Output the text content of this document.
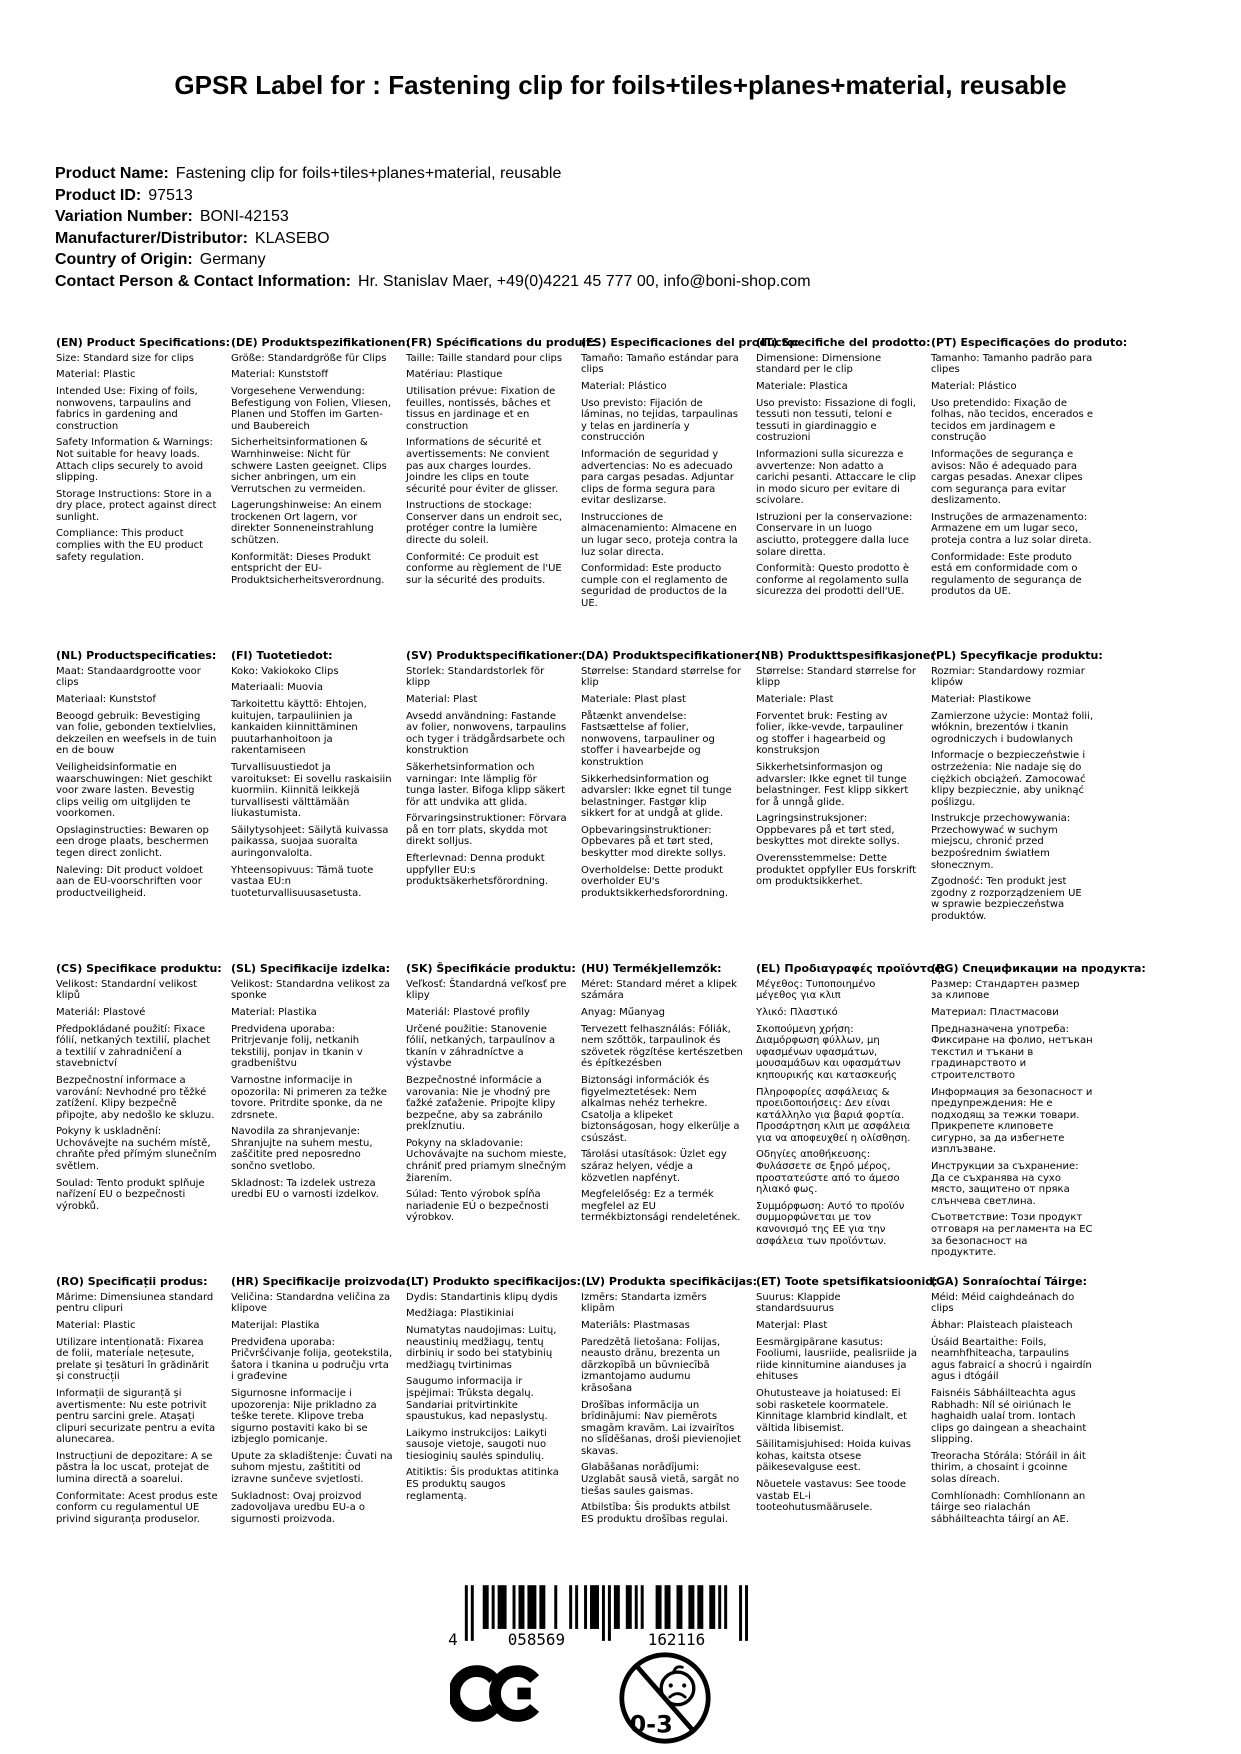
GPSR Label for : Fastening clip for foils+tiles+planes+material, reusable
Product Name: Fastening clip for foils+tiles+planes+material, reusable
Product ID: 97513
Variation Number: BONI-42153
Manufacturer/Distributor: KLASEBO
Country of Origin: Germany
Contact Person & Contact Information: Hr. Stanislav Maer, +49(0)4221 45 777 00, info@boni-shop.com
(EN) Product Specifications:

Size: Standard size for clips

Material: Plastic

Intended Use: Fixing of foils, nonwovens, tarpaulins and fabrics in gardening and construction

Safety Information & Warnings: Not suitable for heavy loads. Attach clips securely to avoid slipping.

Storage Instructions: Store in a dry place, protect against direct sunlight.

Compliance: This product complies with the EU product safety regulation.

(DE) Produktspezifikationen:

Größe: Standardgröße für Clips

Material: Kunststoff

Vorgesehene Verwendung: Befestigung von Folien, Vliesen, Planen und Stoffen im Garten- und Baubereich

Sicherheitsinformationen & Warnhinweise: Nicht für schwere Lasten geeignet. Clips sicher anbringen, um ein Verrutschen zu vermeiden.

Lagerungshinweise: An einem trockenen Ort lagern, vor direkter Sonneneinstrahlung schützen.

Konformität: Dieses Produkt entspricht der EU-Produktsicherheitsverordnung.

(FR) Spécifications du produit:

Taille: Taille standard pour clips

Matériau: Plastique

Utilisation prévue: Fixation de feuilles, nontissés, bâches et tissus en jardinage et en construction

Informations de sécurité et avertissements: Ne convient pas aux charges lourdes. Joindre les clips en toute sécurité pour éviter de glisser.

Instructions de stockage: Conserver dans un endroit sec, protéger contre la lumière directe du soleil.

Conformité: Ce produit est conforme au règlement de l'UE sur la sécurité des produits.

(ES) Especificaciones del producto:

Tamaño: Tamaño estándar para clips

Material: Plástico

Uso previsto: Fijación de láminas, no tejidas, tarpaulinas y telas en jardinería y construcción

Información de seguridad y advertencias: No es adecuado para cargas pesadas. Adjuntar clips de forma segura para evitar deslizarse.

Instrucciones de almacenamiento: Almacene en un lugar seco, proteja contra la luz solar directa.

Conformidad: Este producto cumple con el reglamento de seguridad de productos de la UE.

(IT) Specifiche del prodotto:

Dimensione: Dimensione standard per le clip

Materiale: Plastica

Uso previsto: Fissazione di fogli, tessuti non tessuti, teloni e tessuti in giardinaggio e costruzioni

Informazioni sulla sicurezza e avvertenze: Non adatto a carichi pesanti. Attaccare le clip in modo sicuro per evitare di scivolare.

Istruzioni per la conservazione: Conservare in un luogo asciutto, proteggere dalla luce solare diretta.

Conformità: Questo prodotto è conforme al regolamento sulla sicurezza dei prodotti dell'UE.

(PT) Especificações do produto:

Tamanho: Tamanho padrão para clipes

Material: Plástico

Uso pretendido: Fixação de folhas, não tecidos, encerados e tecidos em jardinagem e construção

Informações de segurança e avisos: Não é adequado para cargas pesadas. Anexar clipes com segurança para evitar deslizamento.

Instruções de armazenamento: Armazene em um lugar seco, proteja contra a luz solar direta.

Conformidade: Este produto está em conformidade com o regulamento de segurança de produtos da UE.

(NL) Productspecificaties:

Maat: Standaardgrootte voor clips

Materiaal: Kunststof

Beoogd gebruik: Bevestiging van folie, gebonden textielvlies, dekzeilen en weefsels in de tuin en de bouw

Veiligheidsinformatie en waarschuwingen: Niet geschikt voor zware lasten. Bevestig clips veilig om uitglijden te voorkomen.

Opslaginstructies: Bewaren op een droge plaats, beschermen tegen direct zonlicht.

Naleving: Dit product voldoet aan de EU-voorschriften voor productveiligheid.

(FI) Tuotetiedot:

Koko: Vakiokoko Clips

Materiaali: Muovia

Tarkoitettu käyttö: Ehtojen, kuitujen, tarpauliinien ja kankaiden kiinnittäminen puutarhanhoitoon ja rakentamiseen

Turvallisuustiedot ja varoitukset: Ei sovellu raskaisiin kuormiin. Kiinnitä leikkejä turvallisesti välttämään liukastumista.

Säilytysohjeet: Säilytä kuivassa paikassa, suojaa suoralta auringonvalolta.

Yhteensopivuus: Tämä tuote vastaa EU:n tuoteturvallisuusasetusta.

(SV) Produktspecifikationer:

Storlek: Standardstorlek för klipp

Material: Plast

Avsedd användning: Fastande av folier, nonwovens, tarpaulins och tyger i trädgårdsarbete och konstruktion

Säkerhetsinformation och varningar: Inte lämplig för tunga laster. Bifoga klipp säkert för att undvika att glida.

Förvaringsinstruktioner: Förvara på en torr plats, skydda mot direkt solljus.

Efterlevnad: Denna produkt uppfyller EU:s produktsäkerhetsförordning.

(DA) Produktspecifikationer:

Størrelse: Standard størrelse for klip

Materiale: Plast plast

Påtænkt anvendelse: Fastsættelse af folier, nonwovens, tarpauliner og stoffer i havearbejde og konstruktion

Sikkerhedsinformation og advarsler: Ikke egnet til tunge belastninger. Fastgør klip sikkert for at undgå at glide.

Opbevaringsinstruktioner: Opbevares på et tørt sted, beskytter mod direkte sollys.

Overholdelse: Dette produkt overholder EU's produktsikkerhedsforordning.

(NB) Produkttspesifikasjoner:

Størrelse: Standard størrelse for klipp

Materiale: Plast

Forventet bruk: Festing av folier, ikke-vevde, tarpauliner og stoffer i hagearbeid og konstruksjon

Sikkerhetsinformasjon og advarsler: Ikke egnet til tunge belastninger. Fest klipp sikkert for å unngå glide.

Lagringsinstruksjoner: Oppbevares på et tørt sted, beskyttes mot direkte sollys.

Overensstemmelse: Dette produktet oppfyller EUs forskrift om produktsikkerhet.

(PL) Specyfikacje produktu:

Rozmiar: Standardowy rozmiar klipów

Materiał: Plastikowe

Zamierzone użycie: Montaż folii, włóknin, brezentów i tkanin ogrodniczych i budowlanych

Informacje o bezpieczeństwie i ostrzeżenia: Nie nadaje się do ciężkich obciążeń. Zamocować klipy bezpiecznie, aby uniknąć poślizgu.

Instrukcje przechowywania: Przechowywać w suchym miejscu, chronić przed bezpośrednim światłem słonecznym.

Zgodność: Ten produkt jest zgodny z rozporządzeniem UE w sprawie bezpieczeństwa produktów.

(CS) Specifikace produktu:

Velikost: Standardní velikost klipů

Materiál: Plastové

Předpokládané použití: Fixace fólií, netkaných textilií, plachet a textilií v zahradničení a stavebnictví

Bezpečnostní informace a varování: Nevhodné pro těžké zatížení. Klipy bezpečně připojte, aby nedošlo ke skluzu.

Pokyny k uskladnění: Uchovávejte na suchém místě, chraňte před přímým slunečním světlem.

Soulad: Tento produkt splňuje nařízení EU o bezpečnosti výrobků.

(SL) Specifikacije izdelka:

Velikost: Standardna velikost za sponke

Material: Plastika

Predvidena uporaba: Pritrjevanje folij, netkanih tekstilij, ponjav in tkanin v gradbeništvu

Varnostne informacije in opozorila: Ni primeren za težke tovore. Pritrdite sponke, da ne zdrsnete.

Navodila za shranjevanje: Shranjujte na suhem mestu, zaščitite pred neposredno sončno svetlobo.

Skladnost: Ta izdelek ustreza uredbi EU o varnosti izdelkov.

(SK) Špecifikácie produktu:

Veľkosť: Štandardná veľkosť pre klipy

Materiál: Plastové profily

Určené použitie: Stanovenie fólií, netkaných, tarpaulínov a tkanín v záhradníctve a výstavbe

Bezpečnostné informácie a varovania: Nie je vhodný pre ťažké zaťaženie. Pripojte klipy bezpečne, aby sa zabránilo prekĺznutiu.

Pokyny na skladovanie: Uchovávajte na suchom mieste, chrániť pred priamym slnečným žiarením.

Súlad: Tento výrobok spĺňa nariadenie EÚ o bezpečnosti výrobkov.

(HU) Termékjellemzők:

Méret: Standard méret a klipek számára

Anyag: Műanyag

Tervezett felhasználás: Fóliák, nem szőttök, tarpaulinok és szövetek rögzítése kertészetben és építkezésben

Biztonsági információk és figyelmeztetések: Nem alkalmas nehéz terhekre. Csatolja a klipeket biztonságosan, hogy elkerülje a csúszást.

Tárolási utasítások: Üzlet egy száraz helyen, védje a közvetlen napfényt.

Megfelelőség: Ez a termék megfelel az EU termékbiztonsági rendeletének.

(EL) Προδιαγραφές προϊόντος:

Μέγεθος: Τυποποιημένο μέγεθος για κλιπ

Υλικό: Πλαστικό

Σκοπούμενη χρήση: Διαμόρφωση φύλλων, μη υφασμένων υφασμάτων, μουσαμάδων και υφασμάτων κηπουρικής και κατασκευής

Πληροφορίες ασφάλειας & προειδοποιήσεις: Δεν είναι κατάλληλο για βαριά φορτία. Προσάρτηση κλιπ με ασφάλεια για να αποφευχθεί η ολίσθηση.

Οδηγίες αποθήκευσης: Φυλάσσετε σε ξηρό μέρος, προστατεύστε από το άμεσο ηλιακό φως.

Συμμόρφωση: Αυτό το προϊόν συμμορφώνεται με τον κανονισμό της ΕΕ για την ασφάλεια των προϊόντων.

(BG) Спецификации на продукта:

Размер: Стандартен размер за клипове

Материал: Пластмасови

Предназначена употреба: Фиксиране на фолио, нетъкан текстил и тъкани в градинарството и строителството

Информация за безопасност и предупреждения: Не е подходящ за тежки товари. Прикрепете клиповете сигурно, за да избегнете изплъзване.

Инструкции за съхранение: Да се съхранява на сухо място, защитено от пряка слънчева светлина.

Съответствие: Този продукт отговаря на регламента на ЕС за безопасност на продуктите.

(RO) Specificații produs:

Mărime: Dimensiunea standard pentru clipuri

Material: Plastic

Utilizare intenționată: Fixarea de folii, materiale nețesute, prelate și țesături în grădinărit și construcții

Informații de siguranță și avertismente: Nu este potrivit pentru sarcini grele. Atașați clipuri securizate pentru a evita alunecarea.

Instrucțiuni de depozitare: A se păstra la loc uscat, protejat de lumina directă a soarelui.

Conformitate: Acest produs este conform cu regulamentul UE privind siguranța produselor.

(HR) Specifikacije proizvoda:

Veličina: Standardna veličina za klipove

Materijal: Plastika

Predviđena uporaba: Pričvršćivanje folija, geotekstila, šatora i tkanina u području vrta i građevine

Sigurnosne informacije i upozorenja: Nije prikladno za teške terete. Klipove treba sigurno postaviti kako bi se izbjeglo pomicanje.

Upute za skladištenje: Čuvati na suhom mjestu, zaštititi od izravne sunčeve svjetlosti.

Sukladnost: Ovaj proizvod zadovoljava uredbu EU-a o sigurnosti proizvoda.

(LT) Produkto specifikacijos:

Dydis: Standartinis klipų dydis

Medžiaga: Plastikiniai

Numatytas naudojimas: Luitų, neaustinių medžiagų, tentų dirbinių ir sodo bei statybinių medžiagų tvirtinimas

Saugumo informacija ir įspėjimai: Trūksta degalų. Sandariai pritvirtinkite spaustukus, kad nepaslystų.

Laikymo instrukcijos: Laikyti sausoje vietoje, saugoti nuo tiesioginių saulės spindulių.

Atitiktis: Šis produktas atitinka ES produktų saugos reglamentą.

(LV) Produkta specifikācijas:

Izmērs: Standarta izmērs klipām

Materiāls: Plastmasas

Paredzētā lietošana: Folijas, neausto drānu, brezenta un dārzkopībā un būvniecībā izmantojamo audumu krāsošana

Drošības informācija un brīdinājumi: Nav piemērots smagām kravām. Lai izvairītos no slīdēšanas, droši pievienojiet skavas.

Glabāšanas norādījumi: Uzglabāt sausā vietā, sargāt no tiešas saules gaismas.

Atbilstība: Šis produkts atbilst ES produktu drošības regulai.

(ET) Toote spetsifikatsioonid:

Suurus: Klappide standardsuurus

Materjal: Plast

Eesmärgipärane kasutus: Fooliumi, lausriide, pealisriide ja riide kinnitumine aianduses ja ehituses

Ohutusteave ja hoiatused: Ei sobi rasketele koormatele. Kinnitage klambrid kindlalt, et vältida libisemist.

Säilitamisjuhised: Hoida kuivas kohas, kaitsta otsese päikesevalguse eest.

Nõuetele vastavus: See toode vastab EL-i tooteohutusmäärusele.

(GA) Sonraíochtaí Táirge:

Méid: Méid caighdeánach do clips

Ábhar: Plaisteach plaisteach

Úsáid Beartaithe: Foils, neamhfhiteacha, tarpaulins agus fabraicí a shocrú i ngairdín agus i dtógáil

Faisnéis Sábháilteachta agus Rabhadh: Níl sé oiriúnach le haghaidh ualaí trom. Iontach clips go daingean a sheachaint slipping.

Treoracha Stórála: Stóráil in áit thirim, a chosaint i gcoinne solas díreach.

Comhlíonadh: Comhlíonann an táirge seo rialachán sábháilteachta táirgí an AE.

4	058569	162116
0-3
